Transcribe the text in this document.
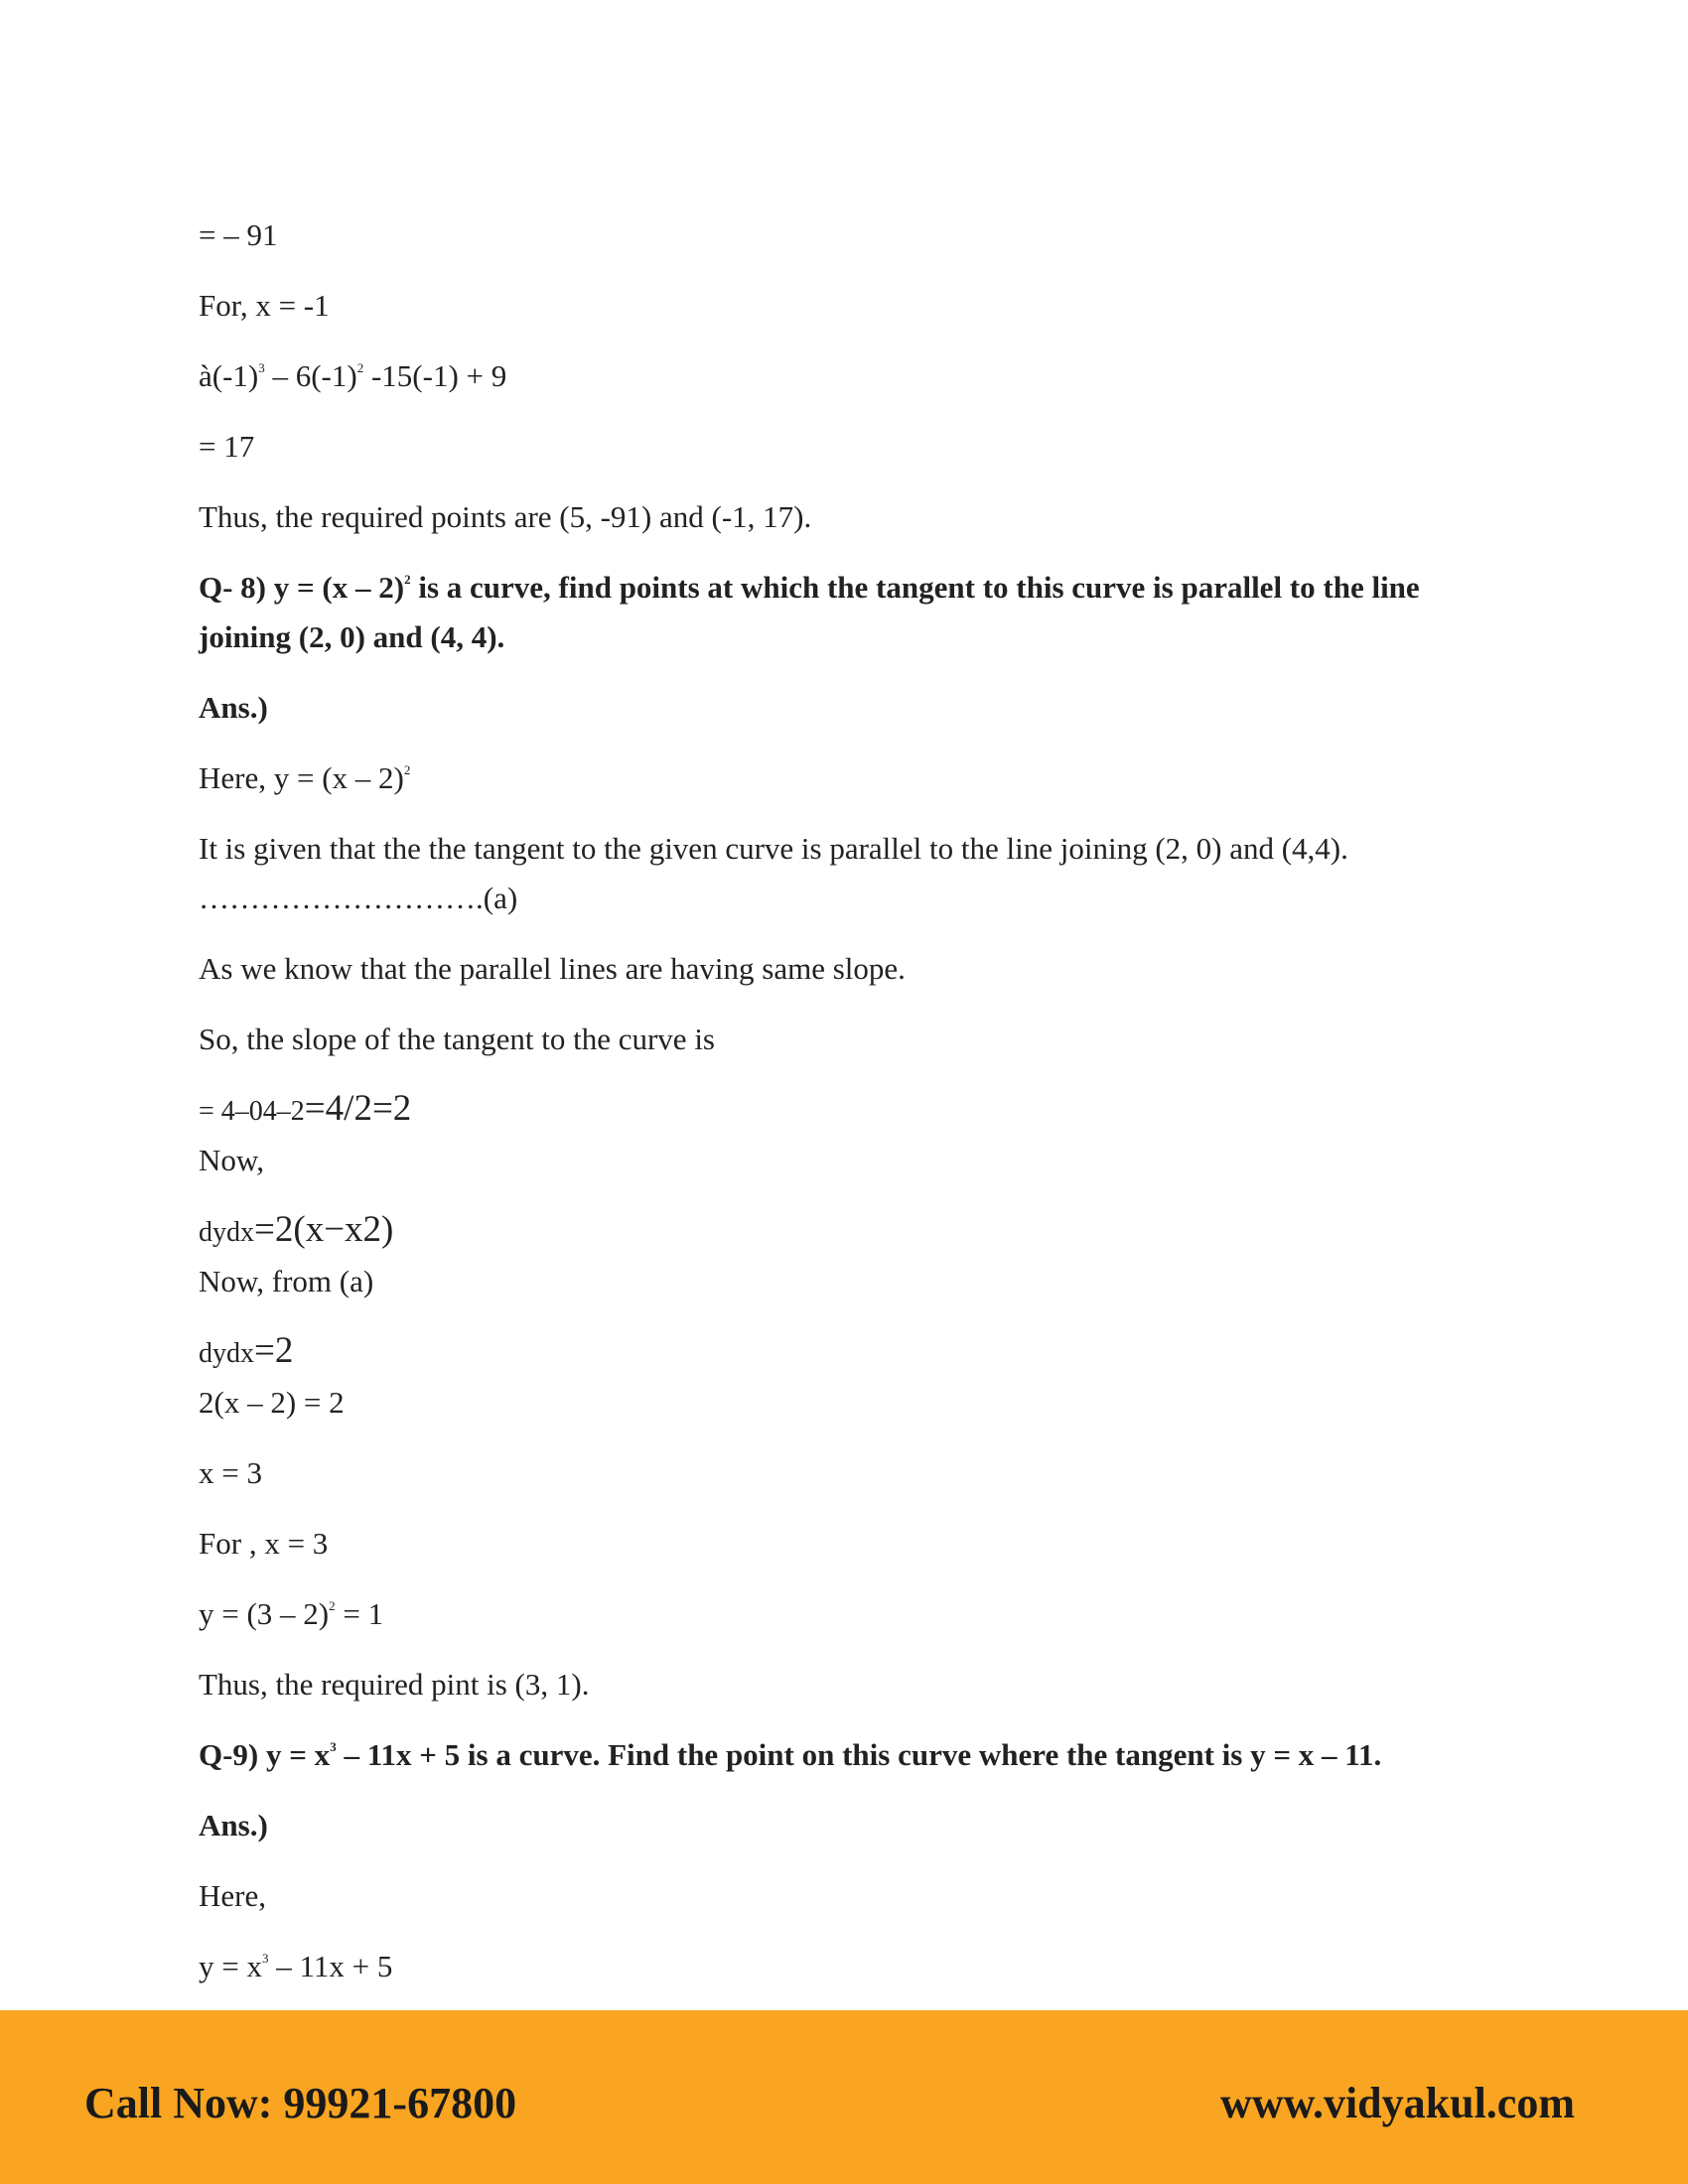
= – 91
For, x = -1
$à(-1)^3 - 6(-1)^2$ -15(-1) + 9
= 17
Thus, the required points are (5, -91) and (-1, 17).
Q- 8) y = (x – 2)$^2$ is a curve, find points at which the tangent to this curve is parallel to the line joining (2, 0) and (4, 4).
Ans.)
Here, y = (x – 2)$^2$
It is given that the the tangent to the given curve is parallel to the line joining (2, 0) and (4,4).
……………………….(a)
As we know that the parallel lines are having same slope.
So, the slope of the tangent to the curve is
= 4–04–2=4/2=2
Now,
dydx=2(x−x2)
Now, from (a)
dydx=2
2(x – 2) = 2
x = 3
For , x = 3
y = (3 – 2)$^2$ = 1
Thus, the required pint is (3, 1).
Q-9) $y = x^3 - 11x + 5$ is a curve. Find the point on this curve where the tangent is y = x – 11.
Ans.)
Here,
$y = x^3 - 11x + 5$
Call Now: 99921-67800	www.vidyakul.com
